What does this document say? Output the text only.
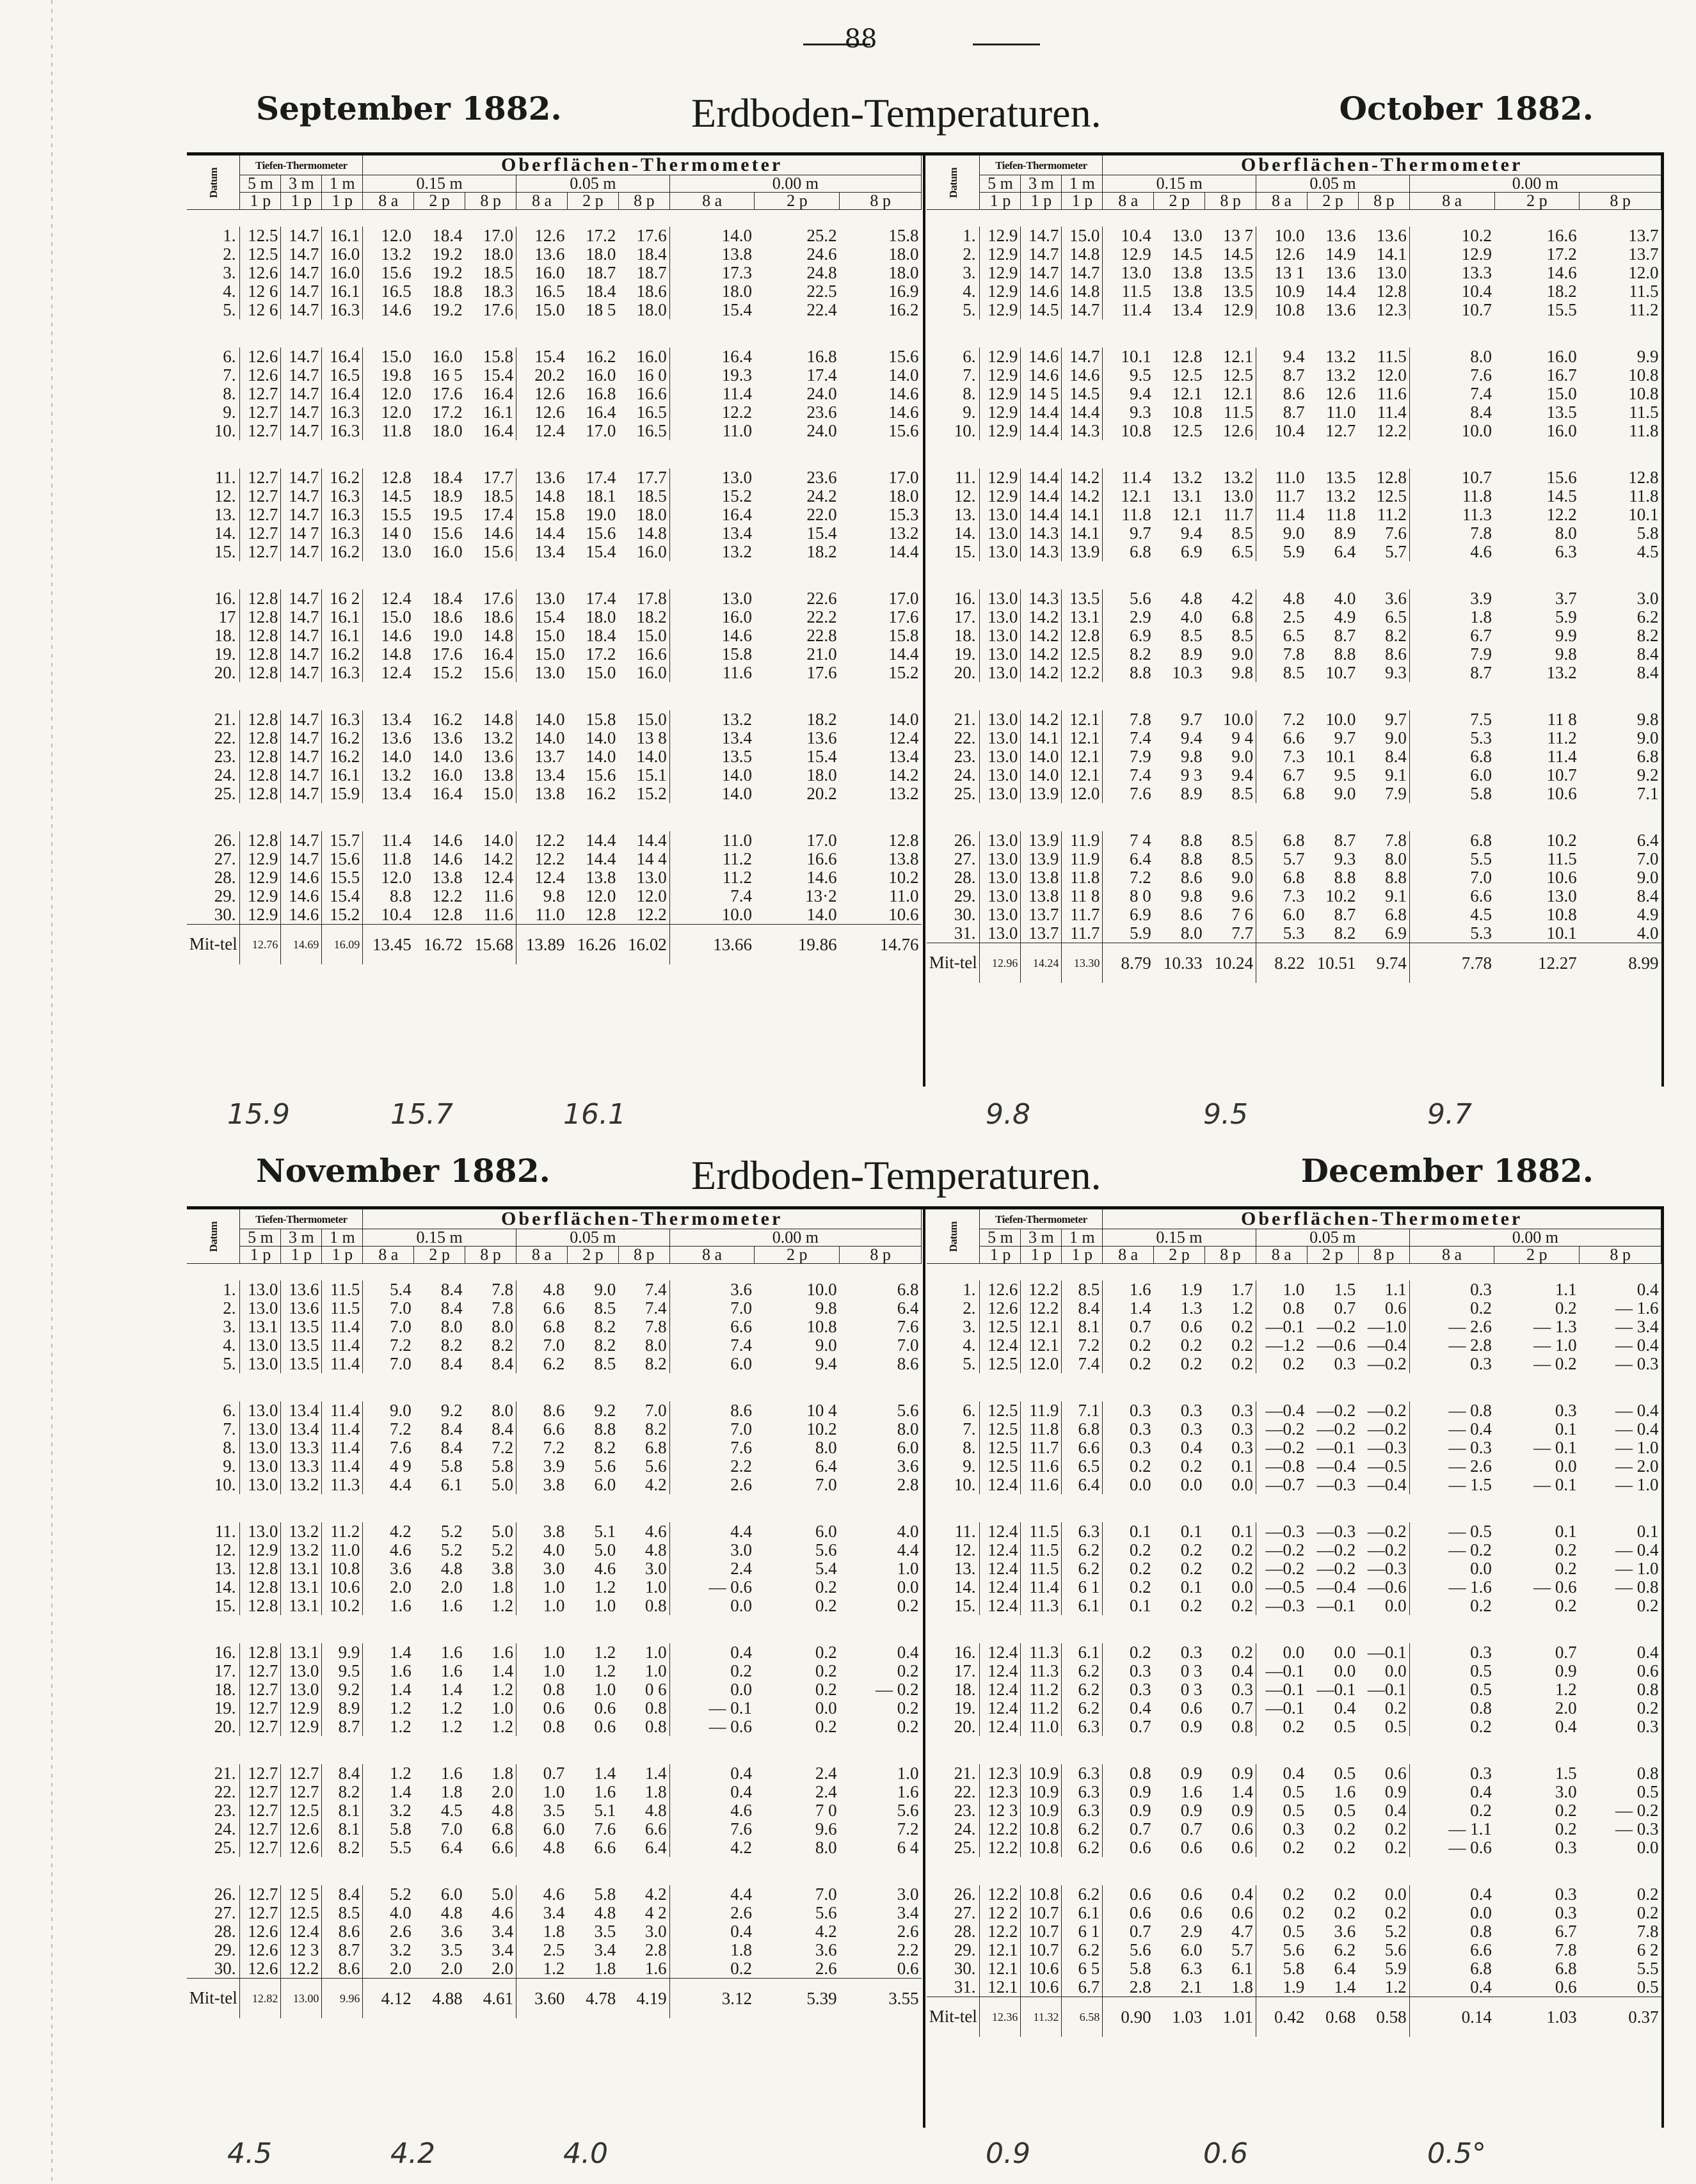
88
September 1882.	Erdboden-Temperaturen.	October 1882.
15.9	15.7	16.1	9.8	9.5	9.7
Datum	Tiefen-Thermometer			Oberflächen-Thermometer								
	5 m	3 m	1 m	0.15 m			0.05 m			0.00 m		
	1 p	1 p	1 p	8 a	2 p	8 p	8 a	2 p	8 p	8 a	2 p	8 p

1.	12.5	14.7	16.1	12.0	18.4	17.0	12.6	17.2	17.6	14.0	25.2	15.8
2.	12.5	14.7	16.0	13.2	19.2	18.0	13.6	18.0	18.4	13.8	24.6	18.0
3.	12.6	14.7	16.0	15.6	19.2	18.5	16.0	18.7	18.7	17.3	24.8	18.0
4.	12 6	14.7	16.1	16.5	18.8	18.3	16.5	18.4	18.6	18.0	22.5	16.9
5.	12 6	14.7	16.3	14.6	19.2	17.6	15.0	18 5	18.0	15.4	22.4	16.2

6.	12.6	14.7	16.4	15.0	16.0	15.8	15.4	16.2	16.0	16.4	16.8	15.6
7.	12.6	14.7	16.5	19.8	16 5	15.4	20.2	16.0	16 0	19.3	17.4	14.0
8.	12.7	14.7	16.4	12.0	17.6	16.4	12.6	16.8	16.6	11.4	24.0	14.6
9.	12.7	14.7	16.3	12.0	17.2	16.1	12.6	16.4	16.5	12.2	23.6	14.6
10.	12.7	14.7	16.3	11.8	18.0	16.4	12.4	17.0	16.5	11.0	24.0	15.6

11.	12.7	14.7	16.2	12.8	18.4	17.7	13.6	17.4	17.7	13.0	23.6	17.0
12.	12.7	14.7	16.3	14.5	18.9	18.5	14.8	18.1	18.5	15.2	24.2	18.0
13.	12.7	14.7	16.3	15.5	19.5	17.4	15.8	19.0	18.0	16.4	22.0	15.3
14.	12.7	14 7	16.3	14 0	15.6	14.6	14.4	15.6	14.8	13.4	15.4	13.2
15.	12.7	14.7	16.2	13.0	16.0	15.6	13.4	15.4	16.0	13.2	18.2	14.4

16.	12.8	14.7	16 2	12.4	18.4	17.6	13.0	17.4	17.8	13.0	22.6	17.0
17	12.8	14.7	16.1	15.0	18.6	18.6	15.4	18.0	18.2	16.0	22.2	17.6
18.	12.8	14.7	16.1	14.6	19.0	14.8	15.0	18.4	15.0	14.6	22.8	15.8
19.	12.8	14.7	16.2	14.8	17.6	16.4	15.0	17.2	16.6	15.8	21.0	14.4
20.	12.8	14.7	16.3	12.4	15.2	15.6	13.0	15.0	16.0	11.6	17.6	15.2

21.	12.8	14.7	16.3	13.4	16.2	14.8	14.0	15.8	15.0	13.2	18.2	14.0
22.	12.8	14.7	16.2	13.6	13.6	13.2	14.0	14.0	13 8	13.4	13.6	12.4
23.	12.8	14.7	16.2	14.0	14.0	13.6	13.7	14.0	14.0	13.5	15.4	13.4
24.	12.8	14.7	16.1	13.2	16.0	13.8	13.4	15.6	15.1	14.0	18.0	14.2
25.	12.8	14.7	15.9	13.4	16.4	15.0	13.8	16.2	15.2	14.0	20.2	13.2

26.	12.8	14.7	15.7	11.4	14.6	14.0	12.2	14.4	14.4	11.0	17.0	12.8
27.	12.9	14.7	15.6	11.8	14.6	14.2	12.2	14.4	14 4	11.2	16.6	13.8
28.	12.9	14.6	15.5	12.0	13.8	12.4	12.4	13.8	13.0	11.2	14.6	10.2
29.	12.9	14.6	15.4	8.8	12.2	11.6	9.8	12.0	12.0	7.4	13·2	11.0
30.	12.9	14.6	15.2	10.4	12.8	11.6	11.0	12.8	12.2	10.0	14.0	10.6
Mit-tel	12.76	14.69	16.09	13.45	16.72	15.68	13.89	16.26	16.02	13.66	19.86	14.76
Datum	Tiefen-Thermometer			Oberflächen-Thermometer								
	5 m	3 m	1 m	0.15 m			0.05 m			0.00 m		
	1 p	1 p	1 p	8 a	2 p	8 p	8 a	2 p	8 p	8 a	2 p	8 p

1.	12.9	14.7	15.0	10.4	13.0	13 7	10.0	13.6	13.6	10.2	16.6	13.7
2.	12.9	14.7	14.8	12.9	14.5	14.5	12.6	14.9	14.1	12.9	17.2	13.7
3.	12.9	14.7	14.7	13.0	13.8	13.5	13 1	13.6	13.0	13.3	14.6	12.0
4.	12.9	14.6	14.8	11.5	13.8	13.5	10.9	14.4	12.8	10.4	18.2	11.5
5.	12.9	14.5	14.7	11.4	13.4	12.9	10.8	13.6	12.3	10.7	15.5	11.2

6.	12.9	14.6	14.7	10.1	12.8	12.1	9.4	13.2	11.5	8.0	16.0	9.9
7.	12.9	14.6	14.6	9.5	12.5	12.5	8.7	13.2	12.0	7.6	16.7	10.8
8.	12.9	14 5	14.5	9.4	12.1	12.1	8.6	12.6	11.6	7.4	15.0	10.8
9.	12.9	14.4	14.4	9.3	10.8	11.5	8.7	11.0	11.4	8.4	13.5	11.5
10.	12.9	14.4	14.3	10.8	12.5	12.6	10.4	12.7	12.2	10.0	16.0	11.8

11.	12.9	14.4	14.2	11.4	13.2	13.2	11.0	13.5	12.8	10.7	15.6	12.8
12.	12.9	14.4	14.2	12.1	13.1	13.0	11.7	13.2	12.5	11.8	14.5	11.8
13.	13.0	14.4	14.1	11.8	12.1	11.7	11.4	11.8	11.2	11.3	12.2	10.1
14.	13.0	14.3	14.1	9.7	9.4	8.5	9.0	8.9	7.6	7.8	8.0	5.8
15.	13.0	14.3	13.9	6.8	6.9	6.5	5.9	6.4	5.7	4.6	6.3	4.5

16.	13.0	14.3	13.5	5.6	4.8	4.2	4.8	4.0	3.6	3.9	3.7	3.0
17.	13.0	14.2	13.1	2.9	4.0	6.8	2.5	4.9	6.5	1.8	5.9	6.2
18.	13.0	14.2	12.8	6.9	8.5	8.5	6.5	8.7	8.2	6.7	9.9	8.2
19.	13.0	14.2	12.5	8.2	8.9	9.0	7.8	8.8	8.6	7.9	9.8	8.4
20.	13.0	14.2	12.2	8.8	10.3	9.8	8.5	10.7	9.3	8.7	13.2	8.4

21.	13.0	14.2	12.1	7.8	9.7	10.0	7.2	10.0	9.7	7.5	11 8	9.8
22.	13.0	14.1	12.1	7.4	9.4	9 4	6.6	9.7	9.0	5.3	11.2	9.0
23.	13.0	14.0	12.1	7.9	9.8	9.0	7.3	10.1	8.4	6.8	11.4	6.8
24.	13.0	14.0	12.1	7.4	9 3	9.4	6.7	9.5	9.1	6.0	10.7	9.2
25.	13.0	13.9	12.0	7.6	8.9	8.5	6.8	9.0	7.9	5.8	10.6	7.1

26.	13.0	13.9	11.9	7 4	8.8	8.5	6.8	8.7	7.8	6.8	10.2	6.4
27.	13.0	13.9	11.9	6.4	8.8	8.5	5.7	9.3	8.0	5.5	11.5	7.0
28.	13.0	13.8	11.8	7.2	8.6	9.0	6.8	8.8	8.8	7.0	10.6	9.0
29.	13.0	13.8	11 8	8 0	9.8	9.6	7.3	10.2	9.1	6.6	13.0	8.4
30.	13.0	13.7	11.7	6.9	8.6	7 6	6.0	8.7	6.8	4.5	10.8	4.9
31.	13.0	13.7	11.7	5.9	8.0	7.7	5.3	8.2	6.9	5.3	10.1	4.0
Mit-tel	12.96	14.24	13.30	8.79	10.33	10.24	8.22	10.51	9.74	7.78	12.27	8.99
November 1882.	Erdboden-Temperaturen.	December 1882.
4.5	4.2	4.0	0.9	0.6	0.5°
Datum	Tiefen-Thermometer			Oberflächen-Thermometer								
	5 m	3 m	1 m	0.15 m			0.05 m			0.00 m		
	1 p	1 p	1 p	8 a	2 p	8 p	8 a	2 p	8 p	8 a	2 p	8 p

1.	13.0	13.6	11.5	5.4	8.4	7.8	4.8	9.0	7.4	3.6	10.0	6.8
2.	13.0	13.6	11.5	7.0	8.4	7.8	6.6	8.5	7.4	7.0	9.8	6.4
3.	13.1	13.5	11.4	7.0	8.0	8.0	6.8	8.2	7.8	6.6	10.8	7.6
4.	13.0	13.5	11.4	7.2	8.2	8.2	7.0	8.2	8.0	7.4	9.0	7.0
5.	13.0	13.5	11.4	7.0	8.4	8.4	6.2	8.5	8.2	6.0	9.4	8.6

6.	13.0	13.4	11.4	9.0	9.2	8.0	8.6	9.2	7.0	8.6	10 4	5.6
7.	13.0	13.4	11.4	7.2	8.4	8.4	6.6	8.8	8.2	7.0	10.2	8.0
8.	13.0	13.3	11.4	7.6	8.4	7.2	7.2	8.2	6.8	7.6	8.0	6.0
9.	13.0	13.3	11.4	4 9	5.8	5.8	3.9	5.6	5.6	2.2	6.4	3.6
10.	13.0	13.2	11.3	4.4	6.1	5.0	3.8	6.0	4.2	2.6	7.0	2.8

11.	13.0	13.2	11.2	4.2	5.2	5.0	3.8	5.1	4.6	4.4	6.0	4.0
12.	12.9	13.2	11.0	4.6	5.2	5.2	4.0	5.0	4.8	3.0	5.6	4.4
13.	12.8	13.1	10.8	3.6	4.8	3.8	3.0	4.6	3.0	2.4	5.4	1.0
14.	12.8	13.1	10.6	2.0	2.0	1.8	1.0	1.2	1.0	— 0.6	0.2	0.0
15.	12.8	13.1	10.2	1.6	1.6	1.2	1.0	1.0	0.8	0.0	0.2	0.2

16.	12.8	13.1	9.9	1.4	1.6	1.6	1.0	1.2	1.0	0.4	0.2	0.4
17.	12.7	13.0	9.5	1.6	1.6	1.4	1.0	1.2	1.0	0.2	0.2	0.2
18.	12.7	13.0	9.2	1.4	1.4	1.2	0.8	1.0	0 6	0.0	0.2	— 0.2
19.	12.7	12.9	8.9	1.2	1.2	1.0	0.6	0.6	0.8	— 0.1	0.0	0.2
20.	12.7	12.9	8.7	1.2	1.2	1.2	0.8	0.6	0.8	— 0.6	0.2	0.2

21.	12.7	12.7	8.4	1.2	1.6	1.8	0.7	1.4	1.4	0.4	2.4	1.0
22.	12.7	12.7	8.2	1.4	1.8	2.0	1.0	1.6	1.8	0.4	2.4	1.6
23.	12.7	12.5	8.1	3.2	4.5	4.8	3.5	5.1	4.8	4.6	7 0	5.6
24.	12.7	12.6	8.1	5.8	7.0	6.8	6.0	7.6	6.6	7.6	9.6	7.2
25.	12.7	12.6	8.2	5.5	6.4	6.6	4.8	6.6	6.4	4.2	8.0	6 4

26.	12.7	12 5	8.4	5.2	6.0	5.0	4.6	5.8	4.2	4.4	7.0	3.0
27.	12.7	12.5	8.5	4.0	4.8	4.6	3.4	4.8	4 2	2.6	5.6	3.4
28.	12.6	12.4	8.6	2.6	3.6	3.4	1.8	3.5	3.0	0.4	4.2	2.6
29.	12.6	12 3	8.7	3.2	3.5	3.4	2.5	3.4	2.8	1.8	3.6	2.2
30.	12.6	12.2	8.6	2.0	2.0	2.0	1.2	1.8	1.6	0.2	2.6	0.6
Mit-tel	12.82	13.00	9.96	4.12	4.88	4.61	3.60	4.78	4.19	3.12	5.39	3.55
Datum	Tiefen-Thermometer			Oberflächen-Thermometer								
	5 m	3 m	1 m	0.15 m			0.05 m			0.00 m		
	1 p	1 p	1 p	8 a	2 p	8 p	8 a	2 p	8 p	8 a	2 p	8 p

1.	12.6	12.2	8.5	1.6	1.9	1.7	1.0	1.5	1.1	0.3	1.1	0.4
2.	12.6	12.2	8.4	1.4	1.3	1.2	0.8	0.7	0.6	0.2	0.2	— 1.6
3.	12.5	12.1	8.1	0.7	0.6	0.2	—0.1	—0.2	—1.0	— 2.6	— 1.3	— 3.4
4.	12.4	12.1	7.2	0.2	0.2	0.2	—1.2	—0.6	—0.4	— 2.8	— 1.0	— 0.4
5.	12.5	12.0	7.4	0.2	0.2	0.2	0.2	0.3	—0.2	0.3	— 0.2	— 0.3

6.	12.5	11.9	7.1	0.3	0.3	0.3	—0.4	—0.2	—0.2	— 0.8	0.3	— 0.4
7.	12.5	11.8	6.8	0.3	0.3	0.3	—0.2	—0.2	—0.2	— 0.4	0.1	— 0.4
8.	12.5	11.7	6.6	0.3	0.4	0.3	—0.2	—0.1	—0.3	— 0.3	— 0.1	— 1.0
9.	12.5	11.6	6.5	0.2	0.2	0.1	—0.8	—0.4	—0.5	— 2.6	0.0	— 2.0
10.	12.4	11.6	6.4	0.0	0.0	0.0	—0.7	—0.3	—0.4	— 1.5	— 0.1	— 1.0

11.	12.4	11.5	6.3	0.1	0.1	0.1	—0.3	—0.3	—0.2	— 0.5	0.1	0.1
12.	12.4	11.5	6.2	0.2	0.2	0.2	—0.2	—0.2	—0.2	— 0.2	0.2	— 0.4
13.	12.4	11.5	6.2	0.2	0.2	0.2	—0.2	—0.2	—0.3	0.0	0.2	— 1.0
14.	12.4	11.4	6 1	0.2	0.1	0.0	—0.5	—0.4	—0.6	— 1.6	— 0.6	— 0.8
15.	12.4	11.3	6.1	0.1	0.2	0.2	—0.3	—0.1	0.0	0.2	0.2	0.2

16.	12.4	11.3	6.1	0.2	0.3	0.2	0.0	0.0	—0.1	0.3	0.7	0.4
17.	12.4	11.3	6.2	0.3	0 3	0.4	—0.1	0.0	0.0	0.5	0.9	0.6
18.	12.4	11.2	6.2	0.3	0 3	0.3	—0.1	—0.1	—0.1	0.5	1.2	0.8
19.	12.4	11.2	6.2	0.4	0.6	0.7	—0.1	0.4	0.2	0.8	2.0	0.2
20.	12.4	11.0	6.3	0.7	0.9	0.8	0.2	0.5	0.5	0.2	0.4	0.3

21.	12.3	10.9	6.3	0.8	0.9	0.9	0.4	0.5	0.6	0.3	1.5	0.8
22.	12.3	10.9	6.3	0.9	1.6	1.4	0.5	1.6	0.9	0.4	3.0	0.5
23.	12 3	10.9	6.3	0.9	0.9	0.9	0.5	0.5	0.4	0.2	0.2	— 0.2
24.	12.2	10.8	6.2	0.7	0.7	0.6	0.3	0.2	0.2	— 1.1	0.2	— 0.3
25.	12.2	10.8	6.2	0.6	0.6	0.6	0.2	0.2	0.2	— 0.6	0.3	0.0

26.	12.2	10.8	6.2	0.6	0.6	0.4	0.2	0.2	0.0	0.4	0.3	0.2
27.	12 2	10.7	6.1	0.6	0.6	0.6	0.2	0.2	0.2	0.0	0.3	0.2
28.	12.2	10.7	6 1	0.7	2.9	4.7	0.5	3.6	5.2	0.8	6.7	7.8
29.	12.1	10.7	6.2	5.6	6.0	5.7	5.6	6.2	5.6	6.6	7.8	6 2
30.	12.1	10.6	6 5	5.8	6.3	6.1	5.8	6.4	5.9	6.8	6.8	5.5
31.	12.1	10.6	6.7	2.8	2.1	1.8	1.9	1.4	1.2	0.4	0.6	0.5
Mit-tel	12.36	11.32	6.58	0.90	1.03	1.01	0.42	0.68	0.58	0.14	1.03	0.37
